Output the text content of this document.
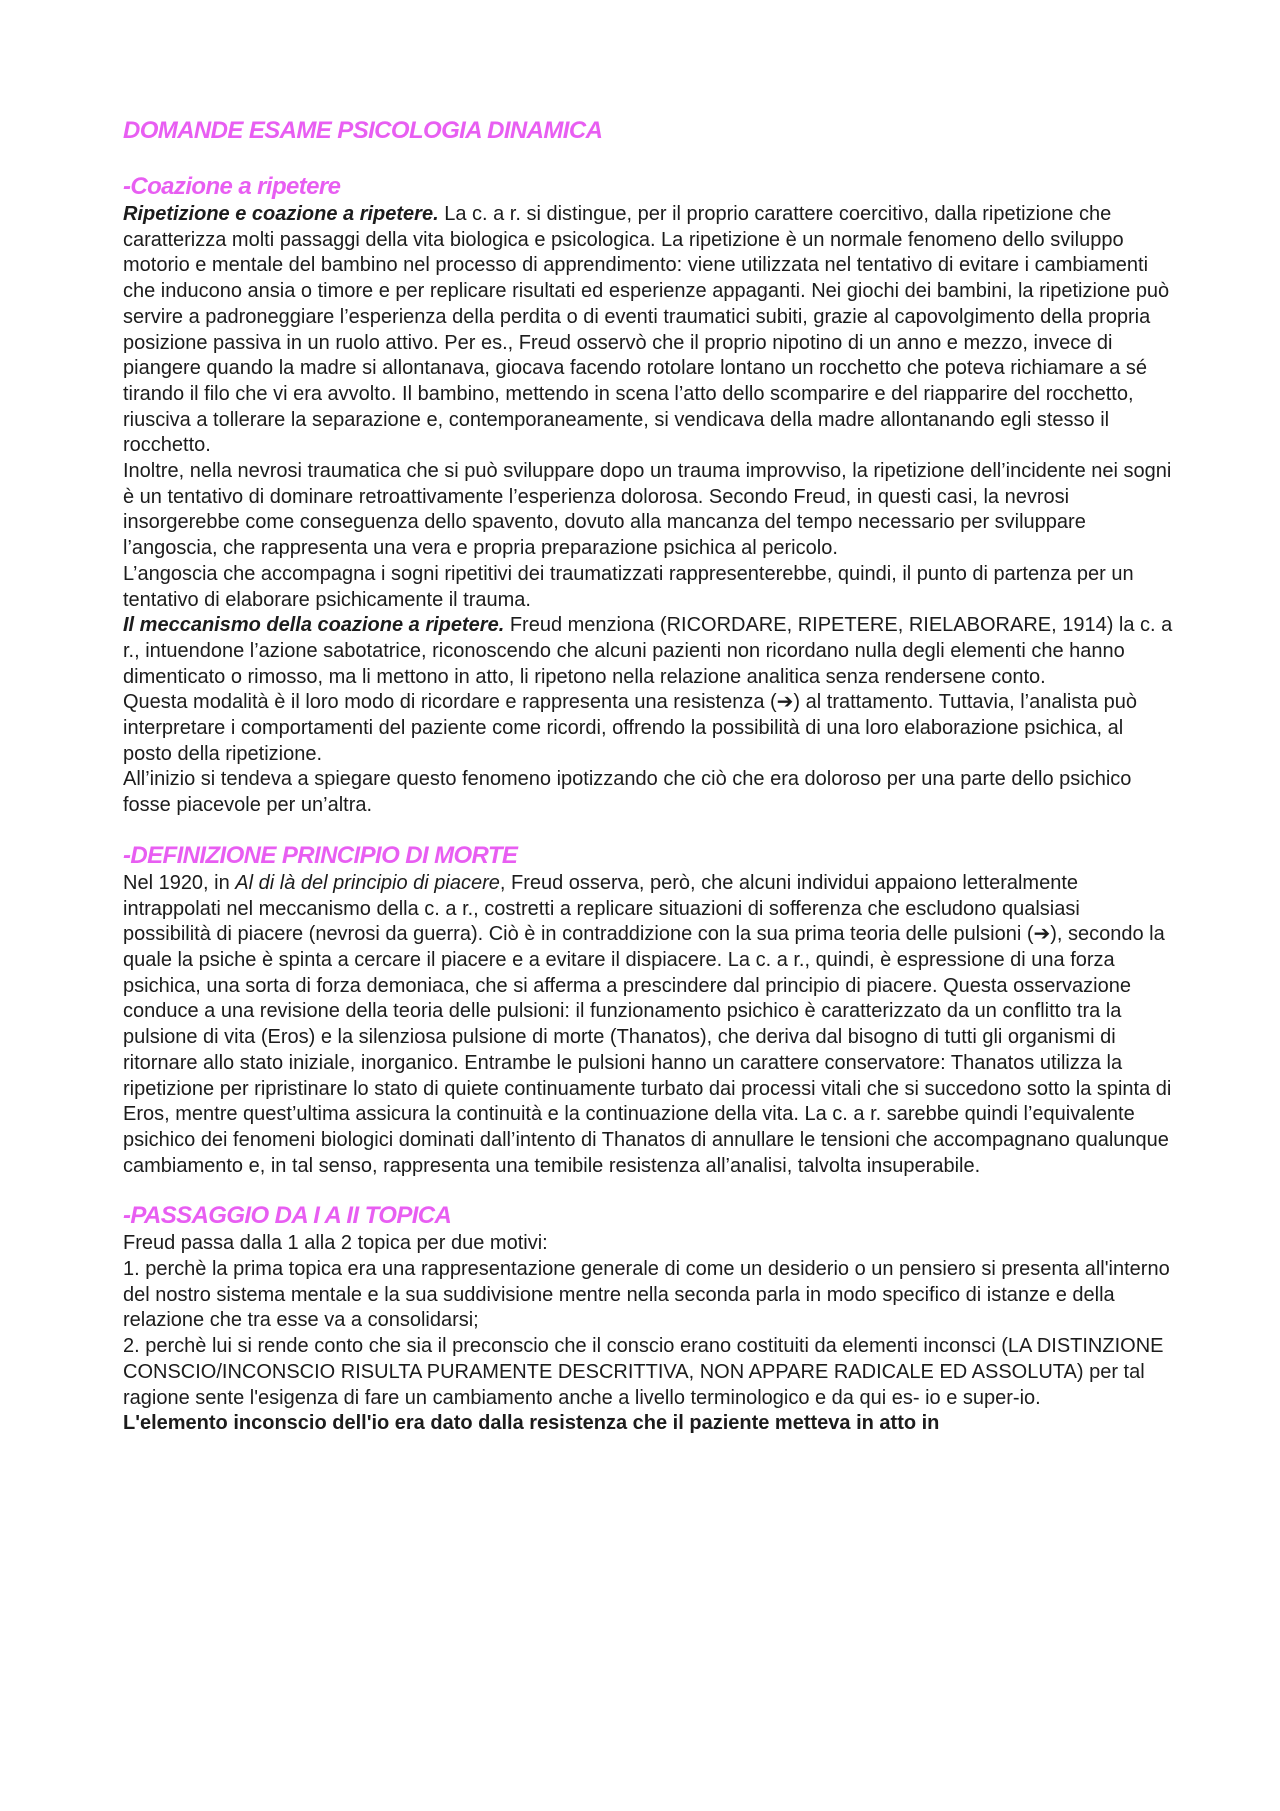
DOMANDE ESAME PSICOLOGIA DINAMICA
-Coazione a ripetere

Ripetizione e coazione a ripetere. La c. a r. si distingue, per il proprio carattere coercitivo, dalla ripetizione che caratterizza molti passaggi della vita biologica e psicologica. La ripetizione è un normale fenomeno dello sviluppo motorio e mentale del bambino nel processo di apprendimento: viene utilizzata nel tentativo di evitare i cambiamenti che inducono ansia o timore e per replicare risultati ed esperienze appaganti. Nei giochi dei bambini, la ripetizione può servire a padroneggiare l’esperienza della perdita o di eventi traumatici subiti, grazie al capovolgimento della propria posizione passiva in un ruolo attivo. Per es., Freud osservò che il proprio nipotino di un anno e mezzo, invece di piangere quando la madre si allontanava, giocava facendo rotolare lontano un rocchetto che poteva richiamare a sé tirando il filo che vi era avvolto. Il bambino, mettendo in scena l’atto dello scomparire e del riapparire del rocchetto, riusciva a tollerare la separazione e, contemporaneamente, si vendicava della madre allontanando egli stesso il rocchetto.

Inoltre, nella nevrosi traumatica che si può sviluppare dopo un trauma improvviso, la ripetizione dell’incidente nei sogni è un tentativo di dominare retroattivamente l’esperienza dolorosa. Secondo Freud, in questi casi, la nevrosi insorgerebbe come conseguenza dello spavento, dovuto alla mancanza del tempo necessario per sviluppare l’angoscia, che rappresenta una vera e propria preparazione psichica al pericolo.

L’angoscia che accompagna i sogni ripetitivi dei traumatizzati rappresenterebbe, quindi, il punto di partenza per un tentativo di elaborare psichicamente il trauma.

Il meccanismo della coazione a ripetere. Freud menziona (RICORDARE, RIPETERE, RIELABORARE, 1914) la c. a r., intuendone l’azione sabotatrice, riconoscendo che alcuni pazienti non ricordano nulla degli elementi che hanno dimenticato o rimosso, ma li mettono in atto, li ripetono nella relazione analitica senza rendersene conto.

Questa modalità è il loro modo di ricordare e rappresenta una resistenza (➔) al trattamento. Tuttavia, l’analista può interpretare i comportamenti del paziente come ricordi, offrendo la possibilità di una loro elaborazione psichica, al posto della ripetizione.

All’inizio si tendeva a spiegare questo fenomeno ipotizzando che ciò che era doloroso per una parte dello psichico fosse piacevole per un’altra.

-DEFINIZIONE PRINCIPIO DI MORTE

Nel 1920, in Al di là del principio di piacere, Freud osserva, però, che alcuni individui appaiono letteralmente intrappolati nel meccanismo della c. a r., costretti a replicare situazioni di sofferenza che escludono qualsiasi possibilità di piacere (nevrosi da guerra). Ciò è in contraddizione con la sua prima teoria delle pulsioni (➔), secondo la quale la psiche è spinta a cercare il piacere e a evitare il dispiacere. La c. a r., quindi, è espressione di una forza psichica, una sorta di forza demoniaca, che si afferma a prescindere dal principio di piacere. Questa osservazione conduce a una revisione della teoria delle pulsioni: il funzionamento psichico è caratterizzato da un conflitto tra la pulsione di vita (Eros) e la silenziosa pulsione di morte (Thanatos), che deriva dal bisogno di tutti gli organismi di ritornare allo stato iniziale, inorganico. Entrambe le pulsioni hanno un carattere conservatore: Thanatos utilizza la ripetizione per ripristinare lo stato di quiete continuamente turbato dai processi vitali che si succedono sotto la spinta di Eros, mentre quest’ultima assicura la continuità e la continuazione della vita. La c. a r. sarebbe quindi l’equivalente psichico dei fenomeni biologici dominati dall’intento di Thanatos di annullare le tensioni che accompagnano qualunque cambiamento e, in tal senso, rappresenta una temibile resistenza all’analisi, talvolta insuperabile.

-PASSAGGIO DA I A II TOPICA

Freud passa dalla 1 alla 2 topica per due motivi:

1. perchè la prima topica era una rappresentazione generale di come un desiderio o un pensiero si presenta all'interno del nostro sistema mentale e la sua suddivisione mentre nella seconda parla in modo specifico di istanze e della relazione che tra esse va a consolidarsi;

2. perchè lui si rende conto che sia il preconscio che il conscio erano costituiti da elementi inconsci (LA DISTINZIONE CONSCIO/INCONSCIO RISULTA PURAMENTE DESCRITTIVA, NON APPARE RADICALE ED ASSOLUTA) per tal ragione sente l'esigenza di fare un cambiamento anche a livello terminologico e da qui es- io e super-io.

L'elemento inconscio dell'io era dato dalla resistenza che il paziente metteva in atto in
